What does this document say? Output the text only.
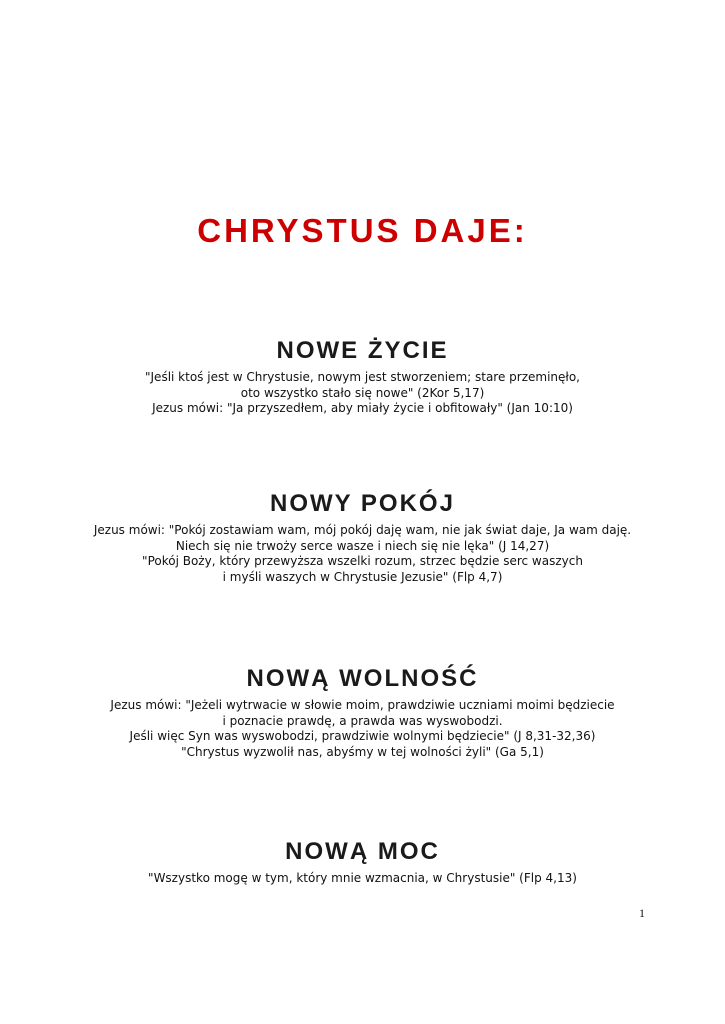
CHRYSTUS DAJE:
NOWE ŻYCIE

"Jeśli ktoś jest w Chrystusie, nowym jest stworzeniem; stare przeminęło,
oto wszystko stało się nowe" (2Kor 5,17)
Jezus mówi: "Ja przyszedłem, aby miały życie i obfitowały" (Jan 10:10)

NOWY POKÓJ

Jezus mówi: "Pokój zostawiam wam, mój pokój daję wam, nie jak świat daje, Ja wam daję.
Niech się nie trwoży serce wasze i niech się nie lęka" (J 14,27)
"Pokój Boży, który przewyższa wszelki rozum, strzec będzie serc waszych
i myśli waszych w Chrystusie Jezusie" (Flp 4,7)

NOWĄ WOLNOŚĆ

Jezus mówi: "Jeżeli wytrwacie w słowie moim, prawdziwie uczniami moimi będziecie
i poznacie prawdę, a prawda was wyswobodzi.
Jeśli więc Syn was wyswobodzi, prawdziwie wolnymi będziecie" (J 8,31-32,36)
"Chrystus wyzwolił nas, abyśmy w tej wolności żyli" (Ga 5,1)

NOWĄ MOC

"Wszystko mogę w tym, który mnie wzmacnia, w Chrystusie" (Flp 4,13)

1
